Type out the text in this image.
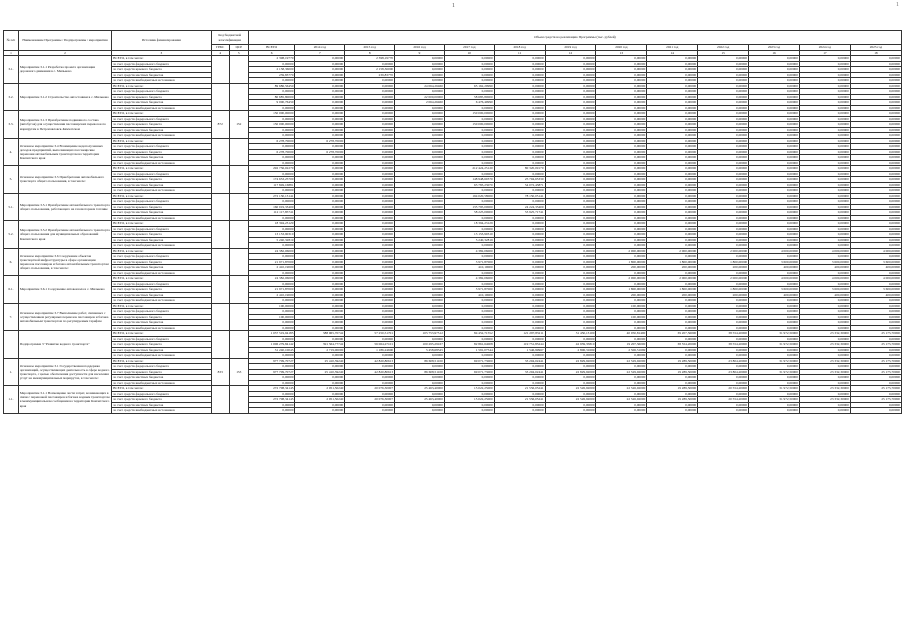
1	1
№ п/п	Наименование Программы / Подпрограммы / мероприятия	Источник финансирования	Код бюджетной классификации		Объем средств на реализацию Программы (тыс. рублей)												
			ГРБС	ЦСР	ВСЕГО	2014 год	2015 год	2016 год	2017 год	2018 год	2019 год	2020 год	2021 год	2022 год	2023 год	2024 год	2025 год
1	2	3	4	5	6	7	8	9	10	11	12	13	14	15	16	17	18
3.1.	Мероприятие 3.1.1 Разработка проекта организации дорожного движения в с. Мильково	ВСЕГО, в том числе:			2 398,19770	0,00000	2 398,19770	0,00000	0,00000	0,00000	0,00000	0,00000	0,00000	0,00000	0,00000	0,00000	0,00000
		за счет средств федерального бюджета			0,00000	0,00000	0,00000	0,00000	0,00000	0,00000	0,00000	0,00000	0,00000	0,00000	0,00000	0,00000	0,00000
		за счет средств краевого бюджета			2 158,36000	0,00000	2 158,36000	0,00000	0,00000	0,00000	0,00000	0,00000	0,00000	0,00000	0,00000	0,00000	0,00000
		за счет средств местных бюджетов			239,83770	0,00000	239,83770	0,00000	0,00000	0,00000	0,00000	0,00000	0,00000	0,00000	0,00000	0,00000	0,00000
		за счет средств внебюджетных источников			0,00000	0,00000	0,00000	0,00000	0,00000	0,00000	0,00000	0,00000	0,00000	0,00000	0,00000	0,00000	0,00000
3.2.	Мероприятие 3.1.2 Строительство автостоянки в с. Мильково	ВСЕГО, в том числе:			89 686,56450	0,00000	0,00000	24 064,26460	65 162,29990	0,00000	0,00000	0,00000	0,00000	0,00000	0,00000	0,00000	0,00000
		за счет средств федерального бюджета			0,00000	0,00000	0,00000	0,00000	0,00000	0,00000	0,00000	0,00000	0,00000	0,00000	0,00000	0,00000	0,00000
		за счет средств краевого бюджета			80 685,80000	0,00000	0,00000	22 000,00000	58 685,80000	0,00000	0,00000	0,00000	0,00000	0,00000	0,00000	0,00000	0,00000
		за счет средств местных бюджетов			9 000,76450	0,00000	0,00000	2 064,26460	6 476,49990	0,00000	0,00000	0,00000	0,00000	0,00000	0,00000	0,00000	0,00000
		за счет средств внебюджетных источников			0,00000	0,00000	0,00000	0,00000	0,00000	0,00000	0,00000	0,00000	0,00000	0,00000	0,00000	0,00000	0,00000
3.3.	Мероприятие 3.1.3 Приобретение подвижного состава (автобусов) для осуществления пассажирских перевозок по маршрутам в Петропавловск-Камчатском	ВСЕГО, в том числе:	872	152	150 000,00000	0,00000	0,00000	0,00000	150 000,00000	0,00000	0,00000	0,00000	0,00000	0,00000	0,00000	0,00000	0,00000
		за счет средств федерального бюджета			0,00000	0,00000	0,00000	0,00000	0,00000	0,00000	0,00000	0,00000	0,00000	0,00000	0,00000	0,00000	0,00000
		за счет средств краевого бюджета			150 000,00000	0,00000	0,00000	0,00000	150 000,00000	0,00000	0,00000	0,00000	0,00000	0,00000	0,00000	0,00000	0,00000
		за счет средств местных бюджетов			0,00000	0,00000	0,00000	0,00000	0,00000	0,00000	0,00000	0,00000	0,00000	0,00000	0,00000	0,00000	0,00000
		за счет средств внебюджетных источников			0,00000	0,00000	0,00000	0,00000	0,00000	0,00000	0,00000	0,00000	0,00000	0,00000	0,00000	0,00000	0,00000
4.	Основное мероприятие 3.4 Возмещение недополученных доходов предприятий, выполняющих пассажирские перевозки автомобильным транспортом на территории Камчатского края	ВСЕГО, в том числе:			6 278,70000	6 278,70000	0,00000	0,00000	0,00000	0,00000	0,00000	0,00000	0,00000	0,00000	0,00000	0,00000	0,00000
		за счет средств федерального бюджета			0,00000	0,00000	0,00000	0,00000	0,00000	0,00000	0,00000	0,00000	0,00000	0,00000	0,00000	0,00000	0,00000
		за счет средств краевого бюджета			6 278,70000	6 278,70000	0,00000	0,00000	0,00000	0,00000	0,00000	0,00000	0,00000	0,00000	0,00000	0,00000	0,00000
		за счет средств местных бюджетов			0,00000	0,00000	0,00000	0,00000	0,00000	0,00000	0,00000	0,00000	0,00000	0,00000	0,00000	0,00000	0,00000
		за счет средств внебюджетных источников			0,00000	0,00000	0,00000	0,00000	0,00000	0,00000	0,00000	0,00000	0,00000	0,00000	0,00000	0,00000	0,00000
5.	Основное мероприятие 3.5 Приобретение автомобильного транспорта общего пользования, в том числе:	ВСЕГО, в том числе:			292 736,02270	0,00000	0,00000	0,00000	212 424,25120	80 320,09170	0,00000	0,00000	0,00000	0,00000	0,00000	0,00000	0,00000
		за счет средств федерального бюджета			0,00000	0,00000	0,00000	0,00000	0,00000	0,00000	0,00000	0,00000	0,00000	0,00000	0,00000	0,00000	0,00000
		за счет средств краевого бюджета			174 653,25700	0,00000	0,00000	0,00000	148 948,60370	25 704,65330	0,00000	0,00000	0,00000	0,00000	0,00000	0,00000	0,00000
		за счет средств местных бюджетов			117 849,16881	0,00000	0,00000	0,00000	63 783,23070	54 072,43871	0,00000	0,00000	0,00000	0,00000	0,00000	0,00000	0,00000
		за счет средств внебюджетных источников			0,00000	0,00000	0,00000	0,00000	0,00000	0,00000	0,00000	0,00000	0,00000	0,00000	0,00000	0,00000	0,00000
5.1.	Мероприятие 3.5.1 Приобретение автомобильного транспорта общего пользования, работающего на газомоторном топливе	ВСЕГО, в том числе:			272 130,13141	0,00000	0,00000	0,00000	194 020,58000	78 150,05141	0,00000	0,00000	0,00000	0,00000	0,00000	0,00000	0,00000
		за счет средств федерального бюджета			0,00000	0,00000	0,00000	0,00000	0,00000	0,00000	0,00000	0,00000	0,00000	0,00000	0,00000	0,00000	0,00000
		за счет средств краевого бюджета			160 019,33400	0,00000	0,00000	0,00000	135 795,00000	24 224,33400	0,00000	0,00000	0,00000	0,00000	0,00000	0,00000	0,00000
		за счет средств местных бюджетов			112 117,85741	0,00000	0,00000	0,00000	58 225,00000	53 925,71741	0,00000	0,00000	0,00000	0,00000	0,00000	0,00000	0,00000
		за счет средств внебюджетных источников			0,00000	0,00000	0,00000	0,00000	0,00000	0,00000	0,00000	0,00000	0,00000	0,00000	0,00000	0,00000	0,00000
5.2.	Мероприятие 3.5.2 Приобретение автомобильного транспорта общего пользования для муниципальных образований Камчатского края	ВСЕГО, в том числе:			18 394,23129	0,00000	0,00000	0,00000	18 394,23129	0,00000	0,00000	0,00000	0,00000	0,00000	0,00000	0,00000	0,00000
		за счет средств федерального бюджета			0,00000	0,00000	0,00000	0,00000	0,00000	0,00000	0,00000	0,00000	0,00000	0,00000	0,00000	0,00000	0,00000
		за счет средств краевого бюджета			13 153,90310	0,00000	0,00000	0,00000	13 153,90310	0,00000	0,00000	0,00000	0,00000	0,00000	0,00000	0,00000	0,00000
		за счет средств местных бюджетов			5 240,32819	0,00000	0,00000	0,00000	5 240,32819	0,00000	0,00000	0,00000	0,00000	0,00000	0,00000	0,00000	0,00000
		за счет средств внебюджетных источников			0,00000	0,00000	0,00000	0,00000	0,00000	0,00000	0,00000	0,00000	0,00000	0,00000	0,00000	0,00000	0,00000
6.	Основное мероприятие 3.6 Сооружение объектов транспортной инфраструктуры в сфере организации перевозок пассажиров и багажа автомобильным транспортом общего пользования, в том числе:	ВСЕГО, в том числе:			24 382,06000	0,00000	0,00000	0,00000	4 382,06000	0,00000	0,00000	2 000,00000	2 000,00000	2 000,00000	4 000,00000	4 000,00000	4 000,00000
		за счет средств федерального бюджета			0,00000	0,00000	0,00000	0,00000	0,00000	0,00000	0,00000	0,00000	0,00000	0,00000	0,00000	0,00000	0,00000
		за счет средств краевого бюджета			21 971,87000	0,00000	0,00000	0,00000	3 971,87000	0,00000	0,00000	1 800,00000	1 800,00000	1 800,00000	3 600,00000	3 600,00000	3 600,00000
		за счет средств местных бюджетов			2 410,19000	0,00000	0,00000	0,00000	410,19000	0,00000	0,00000	200,00000	200,00000	200,00000	400,00000	400,00000	400,00000
		за счет средств внебюджетных источников			0,00000	0,00000	0,00000	0,00000	0,00000	0,00000	0,00000	0,00000	0,00000	0,00000	0,00000	0,00000	0,00000
6.1.	Мероприятие 3.6.1 Сооружение автовокзала в с. Мильково	ВСЕГО, в том числе:			24 382,06000	0,00000	0,00000	0,00000	4 382,06000	0,00000	0,00000	2 000,00000	2 000,00000	2 000,00000	4 000,00000	4 000,00000	4 000,00000
		за счет средств федерального бюджета			0,00000	0,00000	0,00000	0,00000	0,00000	0,00000	0,00000	0,00000	0,00000	0,00000	0,00000	0,00000	0,00000
		за счет средств краевого бюджета			21 971,87000	0,00000	0,00000	0,00000	3 971,87000	0,00000	0,00000	1 800,00000	1 800,00000	1 800,00000	3 600,00000	3 600,00000	3 600,00000
		за счет средств местных бюджетов			2 410,19000	0,00000	0,00000	0,00000	410,19000	0,00000	0,00000	200,00000	200,00000	200,00000	400,00000	400,00000	400,00000
		за счет средств внебюджетных источников			0,00000	0,00000	0,00000	0,00000	0,00000	0,00000	0,00000	0,00000	0,00000	0,00000	0,00000	0,00000	0,00000
7.	Основное мероприятие 3.7 Выполнение работ, связанных с осуществлением регулярных перевозок пассажиров и багажа автомобильным транспортом по регулируемым тарифам	ВСЕГО, в том числе:			100,00000	0,00000	0,00000	0,00000	0,00000	0,00000	0,00000	100,00000	0,00000	0,00000	0,00000	0,00000	0,00000
		за счет средств федерального бюджета			0,00000	0,00000	0,00000	0,00000	0,00000	0,00000	0,00000	0,00000	0,00000	0,00000	0,00000	0,00000	0,00000
		за счет средств краевого бюджета			100,00000	0,00000	0,00000	0,00000	0,00000	0,00000	0,00000	100,00000	0,00000	0,00000	0,00000	0,00000	0,00000
		за счет средств местных бюджетов			0,00000	0,00000	0,00000	0,00000	0,00000	0,00000	0,00000	0,00000	0,00000	0,00000	0,00000	0,00000	0,00000
		за счет средств внебюджетных источников			0,00000	0,00000	0,00000	0,00000	0,00000	0,00000	0,00000	0,00000	0,00000	0,00000	0,00000	0,00000	0,00000
	Подпрограмма 3 "Развитие водного транспорта"	ВСЕГО, в том числе:			1 037 519,94185	388 965,70742	57 250,51701	105 753,97512	84 452,71552	121 297,83211	31 450,13100	40 050,81490	39 207,56000	38 554,20000	31 972,50000	23 332,30000	25 175,70000
		за счет средств федерального бюджета			0,00000	0,00000	0,00000	0,00000	0,00000	0,00000	0,00000	0,00000	0,00000	0,00000	0,00000	0,00000	0,00000
		за счет средств краевого бюджета			1 006 279,84142	391 564,77742	56 064,27101	100 295,29167	82 861,64008	119 751,83244	42 939,35810	19 207,56000	38 554,20000	38 554,20000	31 972,50000	23 332,30000	25 175,70000
		за счет средств местных бюджетов			31 240,10043	2 719,00000	1 186,24600	5 458,68345	1 591,07544	1 546,99967	2 806,31669	2 506,51669	0,00000	0,00000	0,00000	0,00000	0,00000
		за счет средств внебюджетных источников			0,00000	0,00000	0,00000	0,00000	0,00000	0,00000	0,00000	0,00000	0,00000	0,00000	0,00000	0,00000	0,00000
1.	Основное мероприятие 3.1 Государственная поддержка организаций, осуществляющих деятельность в сфере водного транспорта, с целью обеспечения доступности для населения услуг на межмуниципальных маршрутах, в том числе:	ВСЕГО, в том числе:	833	153	977 709,70727	25 410,39240	42 820,80613	86 608,51100	69 071,73000	33 204,02441	22 829,92000	22 529,92000	19 289,50000	23 804,20000	31 972,50000	23 332,30000	25 175,70000
		за счет средств федерального бюджета			0,00000	0,00000	0,00000	0,00000	0,00000	0,00000	0,00000	0,00000	0,00000	0,00000	0,00000	0,00000	0,00000
		за счет средств краевого бюджета			977 709,70727	25 410,39240	42 820,80613	86 608,51100	69 071,73000	33 204,02441	22 829,92000	22 529,92000	19 289,50000	23 804,20000	31 972,50000	23 332,30000	25 175,70000
		за счет средств местных бюджетов			0,00000	0,00000	0,00000	0,00000	0,00000	0,00000	0,00000	0,00000	0,00000	0,00000	0,00000	0,00000	0,00000
		за счет средств внебюджетных источников			0,00000	0,00000	0,00000	0,00000	0,00000	0,00000	0,00000	0,00000	0,00000	0,00000	0,00000	0,00000	0,00000
1.1.	Мероприятие 3.1.1 Возмещение части затрат, возникающих в связи с перевозкой пассажиров и багажа водным транспортом в межмуниципальном сообщении на территории Камчатского края	ВСЕГО, в том числе:			272 708,34145	2 051,50240	20 076,30007	25 463,40000	15 022,25000	21 556,05241	22 526,92000	22 526,92000	19 289,50000	20 554,20000	31 972,50000	23 332,30000	25 175,70000
		за счет средств федерального бюджета			0,00000	0,00000	0,00000	0,00000	0,00000	0,00000	0,00000	0,00000	0,00000	0,00000	0,00000	0,00000	0,00000
		за счет средств краевого бюджета			272 708,34145	2 051,50240	20 076,30007	25 463,40000	15 022,25000	21 556,05241	22 526,92000	22 526,92000	19 289,50000	20 554,20000	31 972,50000	23 332,30000	25 175,70000
		за счет средств местных бюджетов			0,00000	0,00000	0,00000	0,00000	0,00000	0,00000	0,00000	0,00000	0,00000	0,00000	0,00000	0,00000	0,00000
		за счет средств внебюджетных источников			0,00000	0,00000	0,00000	0,00000	0,00000	0,00000	0,00000	0,00000	0,00000	0,00000	0,00000	0,00000	0,00000
